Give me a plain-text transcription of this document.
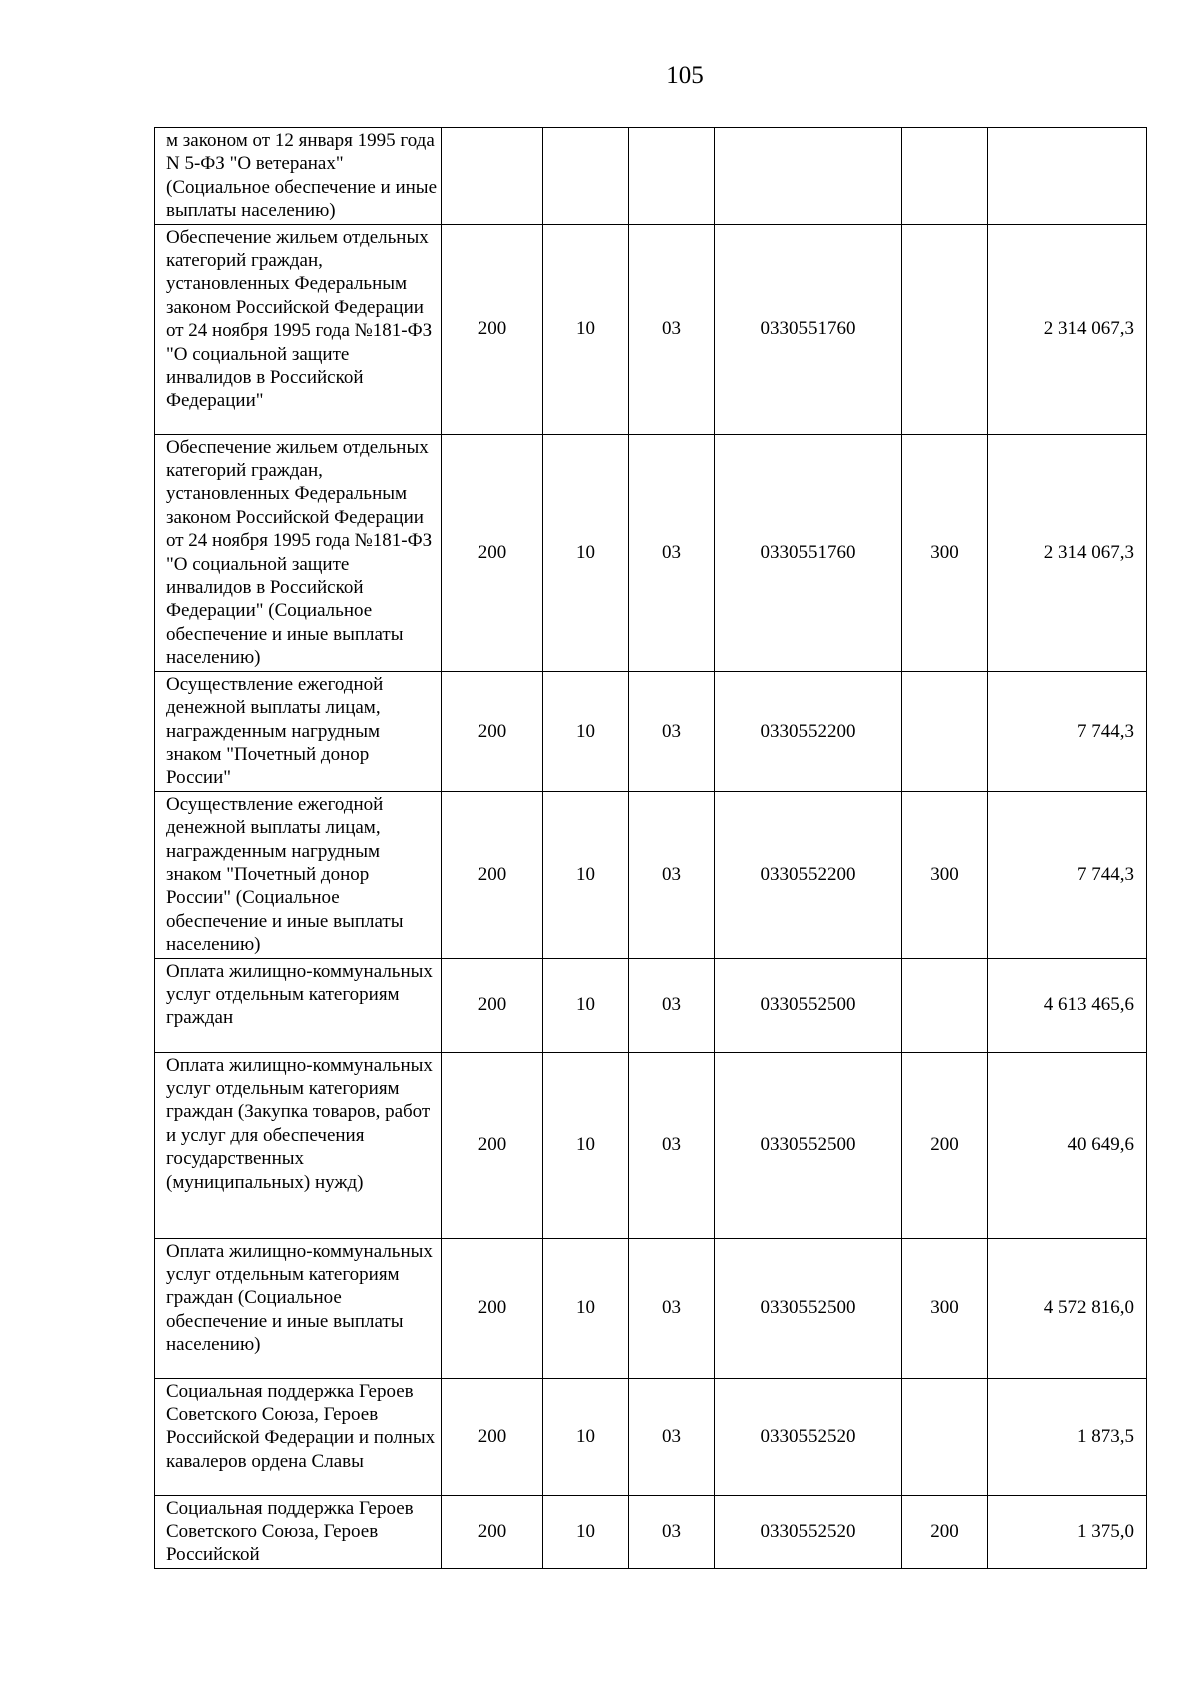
105
м законом от 12 января 1995 года N 5-ФЗ "О ветеранах" (Социальное обеспечение и иные выплаты населению)						
Обеспечение жильем отдельных категорий граждан, установленных Федеральным законом Российской Федерации от 24 ноября 1995 года №181-ФЗ "О социальной защите инвалидов в Российской Федерации"	200	10	03	0330551760		2 314 067,3
Обеспечение жильем отдельных категорий граждан, установленных Федеральным законом Российской Федерации от 24 ноября 1995 года №181-ФЗ "О социальной защите инвалидов в Российской Федерации" (Социальное обеспечение и иные выплаты населению)	200	10	03	0330551760	300	2 314 067,3
Осуществление ежегодной денежной выплаты лицам, награжденным нагрудным знаком "Почетный донор России"	200	10	03	0330552200		7 744,3
Осуществление ежегодной денежной выплаты лицам, награжденным нагрудным знаком "Почетный донор России" (Социальное обеспечение и иные выплаты населению)	200	10	03	0330552200	300	7 744,3
Оплата жилищно-коммунальных услуг отдельным категориям граждан	200	10	03	0330552500		4 613 465,6
Оплата жилищно-коммунальных услуг отдельным категориям граждан (Закупка товаров, работ и услуг для обеспечения государственных (муниципальных) нужд)	200	10	03	0330552500	200	40 649,6
Оплата жилищно-коммунальных услуг отдельным категориям граждан (Социальное обеспечение и иные выплаты населению)	200	10	03	0330552500	300	4 572 816,0
Социальная поддержка Героев Советского Союза, Героев Российской Федерации и полных кавалеров ордена Славы	200	10	03	0330552520		1 873,5
Социальная поддержка Героев Советского Союза, Героев Российской	200	10	03	0330552520	200	1 375,0
